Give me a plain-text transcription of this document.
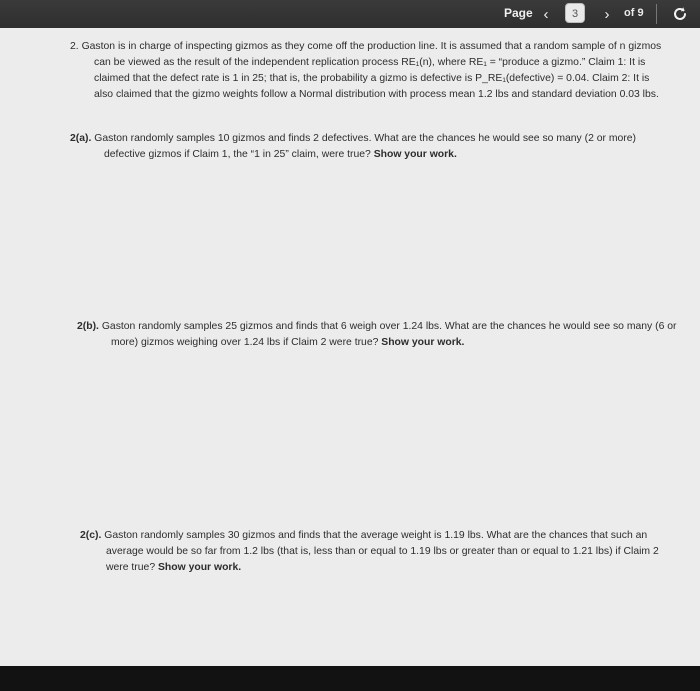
Page ‹	3	› of 9
2. Gaston is in charge of inspecting gizmos as they come off the production line. It is assumed that a random sample of n gizmos can be viewed as the result of the independent replication process RE₁(n), where RE₁ = “produce a gizmo.” Claim 1: It is claimed that the defect rate is 1 in 25; that is, the probability a gizmo is defective is P_RE₁(defective) = 0.04. Claim 2: It is also claimed that the gizmo weights follow a Normal distribution with process mean 1.2 lbs and standard deviation 0.03 lbs.
2(a). Gaston randomly samples 10 gizmos and finds 2 defectives. What are the chances he would see so many (2 or more) defective gizmos if Claim 1, the “1 in 25” claim, were true? Show your work.
2(b). Gaston randomly samples 25 gizmos and finds that 6 weigh over 1.24 lbs. What are the chances he would see so many (6 or more) gizmos weighing over 1.24 lbs if Claim 2 were true? Show your work.
2(c). Gaston randomly samples 30 gizmos and finds that the average weight is 1.19 lbs. What are the chances that such an average would be so far from 1.2 lbs (that is, less than or equal to 1.19 lbs or greater than or equal to 1.21 lbs) if Claim 2 were true? Show your work.
